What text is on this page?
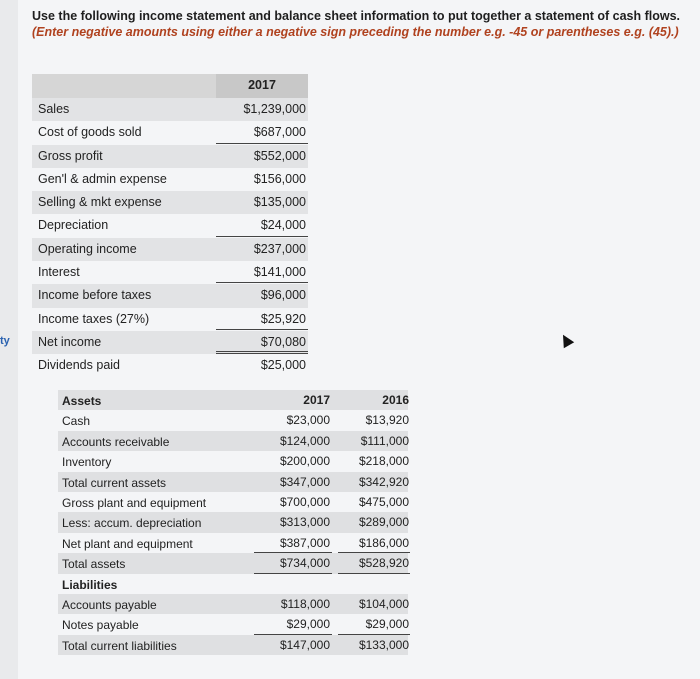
Use the following income statement and balance sheet information to put together a statement of cash flows. (Enter negative amounts using either a negative sign preceding the number e.g. -45 or parentheses e.g. (45).)
2017
Sales	$1,239,000
Cost of goods sold	$687,000
Gross profit	$552,000
Gen'l & admin expense	$156,000
Selling & mkt expense	$135,000
Depreciation	$24,000
Operating income	$237,000
Interest	$141,000
Income before taxes	$96,000
Income taxes (27%)	$25,920
Net income	$70,080
Dividends paid	$25,000
Assets	2017	2016
Cash	$23,000	$13,920
Accounts receivable	$124,000	$111,000
Inventory	$200,000	$218,000
Total current assets	$347,000	$342,920
Gross plant and equipment	$700,000	$475,000
Less: accum. depreciation	$313,000	$289,000
Net plant and equipment	$387,000	$186,000
Total assets	$734,000	$528,920
Liabilities
Accounts payable	$118,000	$104,000
Notes payable	$29,000	$29,000
Total current liabilities	$147,000	$133,000
ty
